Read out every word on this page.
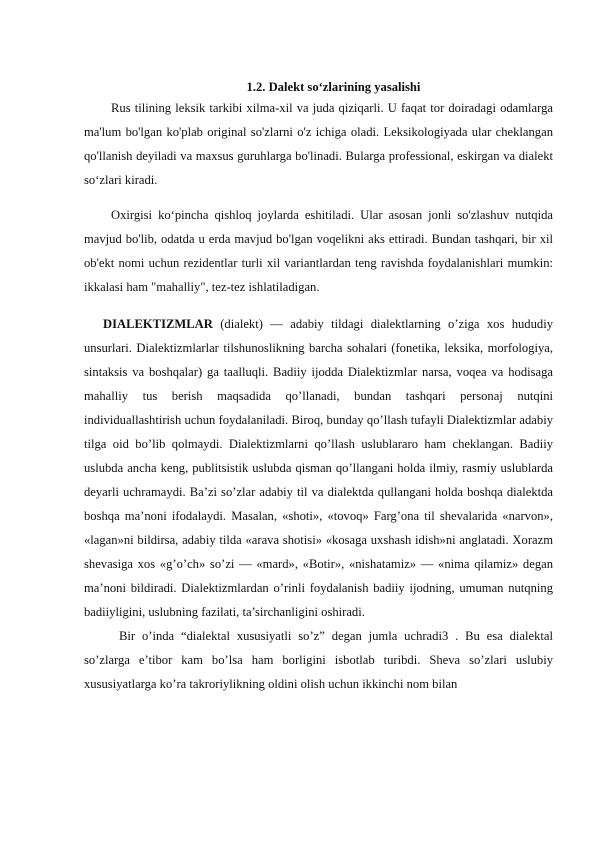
1.2. Dalekt so‘zlarining yasalishi

Rus tilining leksik tarkibi xilma-xil va juda qiziqarli. U faqat tor doiradagi odamlarga ma'lum bo'lgan ko'plab original so'zlarni o'z ichiga oladi. Leksikologiyada ular cheklangan qo'llanish deyiladi va maxsus guruhlarga bo'linadi. Bularga professional, eskirgan va dialekt so‘zlari kiradi.

Oxirgisi ko‘pincha qishloq joylarda eshitiladi. Ular asosan jonli so'zlashuv nutqida mavjud bo'lib, odatda u erda mavjud bo'lgan voqelikni aks ettiradi. Bundan tashqari, bir xil ob'ekt nomi uchun rezidentlar turli xil variantlardan teng ravishda foydalanishlari mumkin: ikkalasi ham "mahalliy", tez-tez ishlatiladigan.

DIALEKTIZMLAR (dialekt) — adabiy tildagi dialektlarning o’ziga xos hududiy unsurlari. Dialektizmlarlar tilshunoslikning barcha sohalari (fonetika, leksika, morfologiya, sintaksis va boshqalar) ga taalluqli. Badiiy ijodda Dialektizmlar narsa, voqea va hodisaga mahalliy tus berish maqsadida qo’llanadi, bundan tashqari personaj nutqini individuallashtirish uchun foydalaniladi. Biroq, bunday qo’llash tufayli Dialektizmlar adabiy tilga oid bo’lib qolmaydi. Dialektizmlarni qo’llash uslublararo ham cheklangan. Badiiy uslubda ancha keng, publitsistik uslubda qisman qo’llangani holda ilmiy, rasmiy uslublarda deyarli uchramaydi. Ba’zi so’zlar adabiy til va dialektda qullangani holda boshqa dialektda boshqa ma’noni ifodalaydi. Masalan, «shoti», «tovoq» Farg’ona til shevalarida «narvon», «lagan»ni bildirsa, adabiy tilda «arava shotisi» «kosaga uxshash idish»ni anglatadi. Xorazm shevasiga xos «g’o’ch» so’zi — «mard», «Botir», «nishatamiz» — «nima qilamiz» degan ma’noni bildiradi. Dialektizmlardan o’rinli foydalanish badiiy ijodning, umuman nutqning badiiyligini, uslubning fazilati, ta’sirchanligini oshiradi.

Bir o’inda “dialektal xususiyatli so’z” degan jumla uchradi3 . Bu esa dialektal so’zlarga e’tibor kam bo’lsa ham borligini isbotlab turibdi. Sheva so’zlari uslubiy xususiyatlarga ko’ra takroriylikning oldini olish uchun ikkinchi nom bilan
